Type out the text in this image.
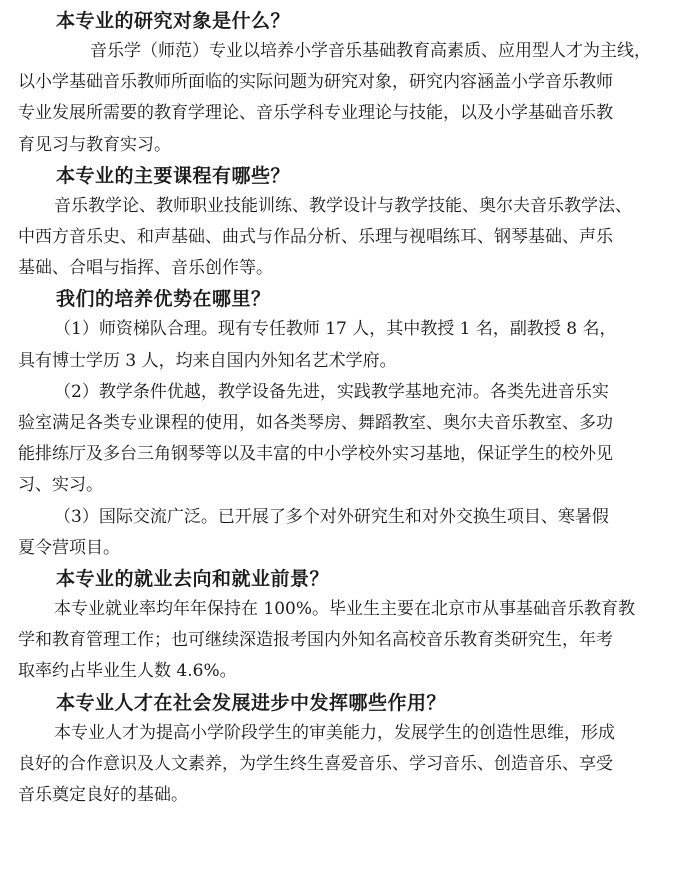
本专业的研究对象是什么？
音乐学（师范）专业以培养小学音乐基础教育高素质、应用型人才为主线，
以小学基础音乐教师所面临的实际问题为研究对象，研究内容涵盖小学音乐教师
专业发展所需要的教育学理论、音乐学科专业理论与技能，以及小学基础音乐教
育见习与教育实习。
本专业的主要课程有哪些？
音乐教学论、教师职业技能训练、教学设计与教学技能、奥尔夫音乐教学法、
中西方音乐史、和声基础、曲式与作品分析、乐理与视唱练耳、钢琴基础、声乐
基础、合唱与指挥、音乐创作等。
我们的培养优势在哪里？
（1）师资梯队合理。现有专任教师 17 人，其中教授 1 名，副教授 8 名，
具有博士学历 3 人，均来自国内外知名艺术学府。
（2）教学条件优越，教学设备先进，实践教学基地充沛。各类先进音乐实
验室满足各类专业课程的使用，如各类琴房、舞蹈教室、奥尔夫音乐教室、多功
能排练厅及多台三角钢琴等以及丰富的中小学校外实习基地，保证学生的校外见
习、实习。
（3）国际交流广泛。已开展了多个对外研究生和对外交换生项目、寒暑假
夏令营项目。
本专业的就业去向和就业前景？
本专业就业率均年年保持在 100%。毕业生主要在北京市从事基础音乐教育教
学和教育管理工作；也可继续深造报考国内外知名高校音乐教育类研究生，年考
取率约占毕业生人数 4.6%。
本专业人才在社会发展进步中发挥哪些作用？
本专业人才为提高小学阶段学生的审美能力，发展学生的创造性思维，形成
良好的合作意识及人文素养，为学生终生喜爱音乐、学习音乐、创造音乐、享受
音乐奠定良好的基础。
